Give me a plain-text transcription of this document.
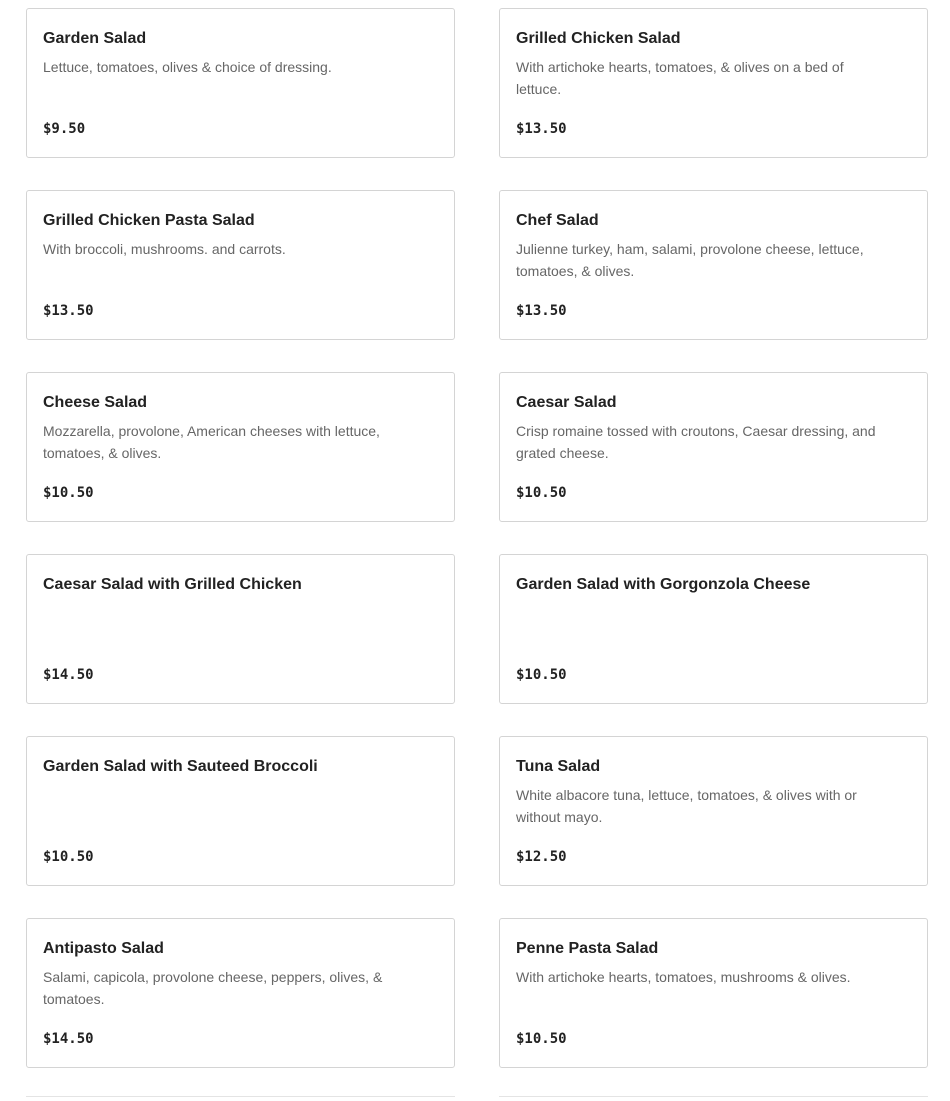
Garden Salad
Lettuce, tomatoes, olives & choice of dressing.
$9.50
Grilled Chicken Salad
With artichoke hearts, tomatoes, & olives on a bed of lettuce.
$13.50
Grilled Chicken Pasta Salad
With broccoli, mushrooms. and carrots.
$13.50
Chef Salad
Julienne turkey, ham, salami, provolone cheese, lettuce, tomatoes, & olives.
$13.50
Cheese Salad
Mozzarella, provolone, American cheeses with lettuce, tomatoes, & olives.
$10.50
Caesar Salad
Crisp romaine tossed with croutons, Caesar dressing, and grated cheese.
$10.50
Caesar Salad with Grilled Chicken
$14.50
Garden Salad with Gorgonzola Cheese
$10.50
Garden Salad with Sauteed Broccoli
$10.50
Tuna Salad
White albacore tuna, lettuce, tomatoes, & olives with or without mayo.
$12.50
Antipasto Salad
Salami, capicola, provolone cheese, peppers, olives, & tomatoes.
$14.50
Penne Pasta Salad
With artichoke hearts, tomatoes, mushrooms & olives.
$10.50
